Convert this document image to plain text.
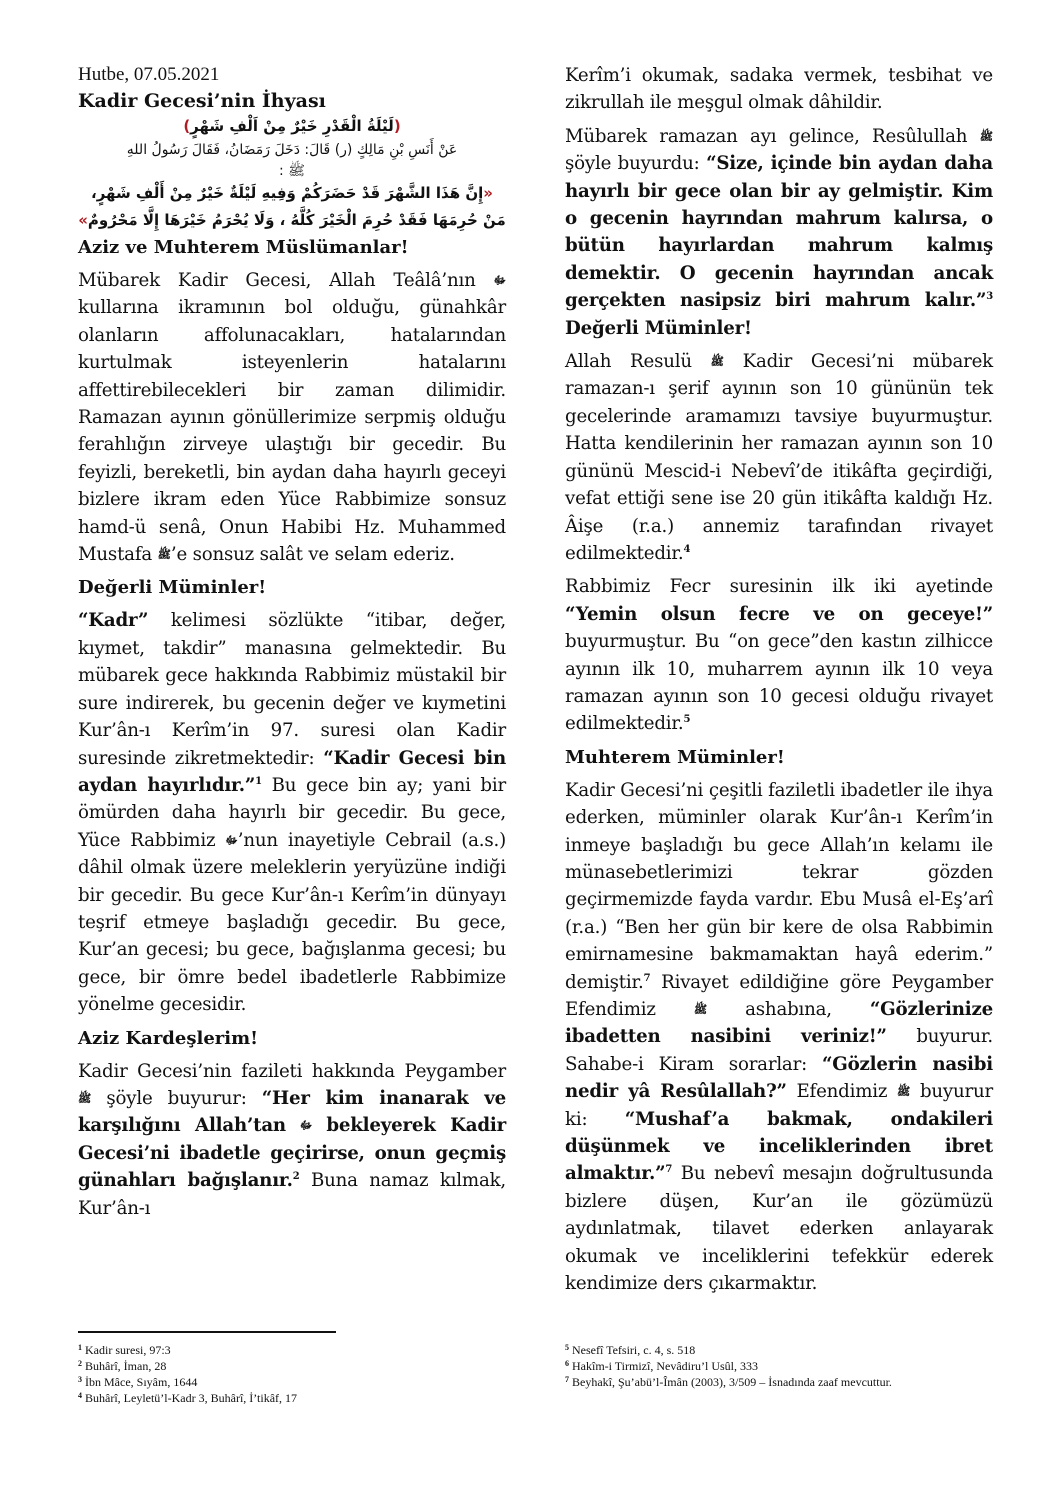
Hutbe, 07.05.2021

Kadir Gecesi’nin İhyası

(لَيْلَةُ الْقَدْرِ خَيْرٌ مِنْ اَلْفِ شَهْرٍ)

عَنْ أَنَسِ بْنِ مَالِكٍ (ر) قَالَ: دَخَلَ رَمَضَانُ، فَقَالَ رَسُولُ اللهِ

ﷺ :

«إِنَّ هَذَا الشَّهْرَ قَدْ حَضَرَكُمْ وَفِيهِ لَيْلَةٌ خَيْرٌ مِنْ أَلْفِ شَهْرٍ، مَنْ حُرِمَهَا فَقَدْ حُرِمَ الْخَيْرَ كُلَّهُ ، وَلَا يُحْرَمُ خَيْرَهَا إِلَّا مَحْرُومٌ»

Aziz ve Muhterem Müslümanlar!

Mübarek Kadir Gecesi, Allah Teâlâ’nın ﷻ kullarına ikramının bol olduğu, günahkâr olanların affolunacakları, hatalarından kurtulmak isteyenlerin hatalarını affettirebilecekleri bir zaman dilimidir. Ramazan ayının gönüllerimize serpmiş olduğu ferahlığın zirveye ulaştığı bir gecedir. Bu feyizli, bereketli, bin aydan daha hayırlı geceyi bizlere ikram eden Yüce Rabbimize sonsuz hamd-ü senâ, Onun Habibi Hz. Muhammed Mustafa ﷺ’e sonsuz salât ve selam ederiz.

Değerli Müminler!

“Kadr” kelimesi sözlükte “itibar, değer, kıymet, takdir” manasına gelmektedir. Bu mübarek gece hakkında Rabbimiz müstakil bir sure indirerek, bu gecenin değer ve kıymetini Kur’ân-ı Kerîm’in 97. suresi olan Kadir suresinde zikretmektedir: “Kadir Gecesi bin aydan hayırlıdır.”$^1$ Bu gece bin ay; yani bir ömürden daha hayırlı bir gecedir. Bu gece, Yüce Rabbimiz ﷻ’nun inayetiyle Cebrail (a.s.) dâhil olmak üzere meleklerin yeryüzüne indiği bir gecedir. Bu gece Kur’ân-ı Kerîm’in dünyayı teşrif etmeye başladığı gecedir. Bu gece, Kur’an gecesi; bu gece, bağışlanma gecesi; bu gece, bir ömre bedel ibadetlerle Rabbimize yönelme gecesidir.

Aziz Kardeşlerim!

Kadir Gecesi’nin fazileti hakkında Peygamber ﷺ şöyle buyurur: “Her kim inanarak ve karşılığını Allah’tan ﷻ bekleyerek Kadir Gecesi’ni ibadetle geçirirse, onun geçmiş günahları bağışlanır.$^2$ Buna namaz kılmak, Kur’ân-ı

Kerîm’i okumak, sadaka vermek, tesbihat ve zikrullah ile meşgul olmak dâhildir.

Mübarek ramazan ayı gelince, Resûlullah ﷺ şöyle buyurdu: “Size, içinde bin aydan daha hayırlı bir gece olan bir ay gelmiştir. Kim o gecenin hayrından mahrum kalırsa, o bütün hayırlardan mahrum kalmış demektir. O gecenin hayrından ancak gerçekten nasipsiz biri mahrum kalır.”$^3$ Değerli Müminler!

Allah Resulü ﷺ Kadir Gecesi’ni mübarek ramazan-ı şerif ayının son 10 gününün tek gecelerinde aramamızı tavsiye buyurmuştur. Hatta kendilerinin her ramazan ayının son 10 gününü Mescid-i Nebevî’de itikâfta geçirdiği, vefat ettiği sene ise 20 gün itikâfta kaldığı Hz. Âişe (r.a.) annemiz tarafından rivayet edilmektedir.$^4$

Rabbimiz Fecr suresinin ilk iki ayetinde “Yemin olsun fecre ve on geceye!” buyurmuştur. Bu “on gece”den kastın zilhicce ayının ilk 10, muharrem ayının ilk 10 veya ramazan ayının son 10 gecesi olduğu rivayet edilmektedir.$^5$

Muhterem Müminler!

Kadir Gecesi’ni çeşitli faziletli ibadetler ile ihya ederken, müminler olarak Kur’ân-ı Kerîm’in inmeye başladığı bu gece Allah’ın kelamı ile münasebetlerimizi tekrar gözden geçirmemizde fayda vardır. Ebu Musâ el-Eş’arî (r.a.) “Ben her gün bir kere de olsa Rabbimin emirnamesine bakmamaktan hayâ ederim.” demiştir.$^7$ Rivayet edildiğine göre Peygamber Efendimiz	ﷺ ashabına, “Gözlerinize ibadetten nasibini veriniz!” buyurur. Sahabe-i Kiram sorarlar: “Gözlerin nasibi nedir yâ Resûlallah?” Efendimiz ﷺ buyurur ki: “Mushaf’a bakmak, ondakileri düşünmek ve inceliklerinden ibret almaktır.”$^7$ Bu nebevî mesajın doğrultusunda bizlere düşen, Kur’an ile gözümüzü aydınlatmak, tilavet ederken anlayarak okumak ve inceliklerini tefekkür ederek kendimize ders çıkarmaktır.

$^1$ Kadir suresi, 97:3
$^2$ Buhârî, İman, 28
$^3$ İbn Mâce, Sıyâm, 1644
$^4$ Buhârî, Leyletü’l-Kadr 3, Buhârî, İ’tikâf, 17
$^5$ Nesefî Tefsiri, c. 4, s. 518
$^6$ Hakîm-i Tirmizî, Nevâdiru’l Usûl, 333
$^7$ Beyhakî, Şu’abü’l-Îmân (2003), 3/509 – İsnadında zaaf mevcuttur.
